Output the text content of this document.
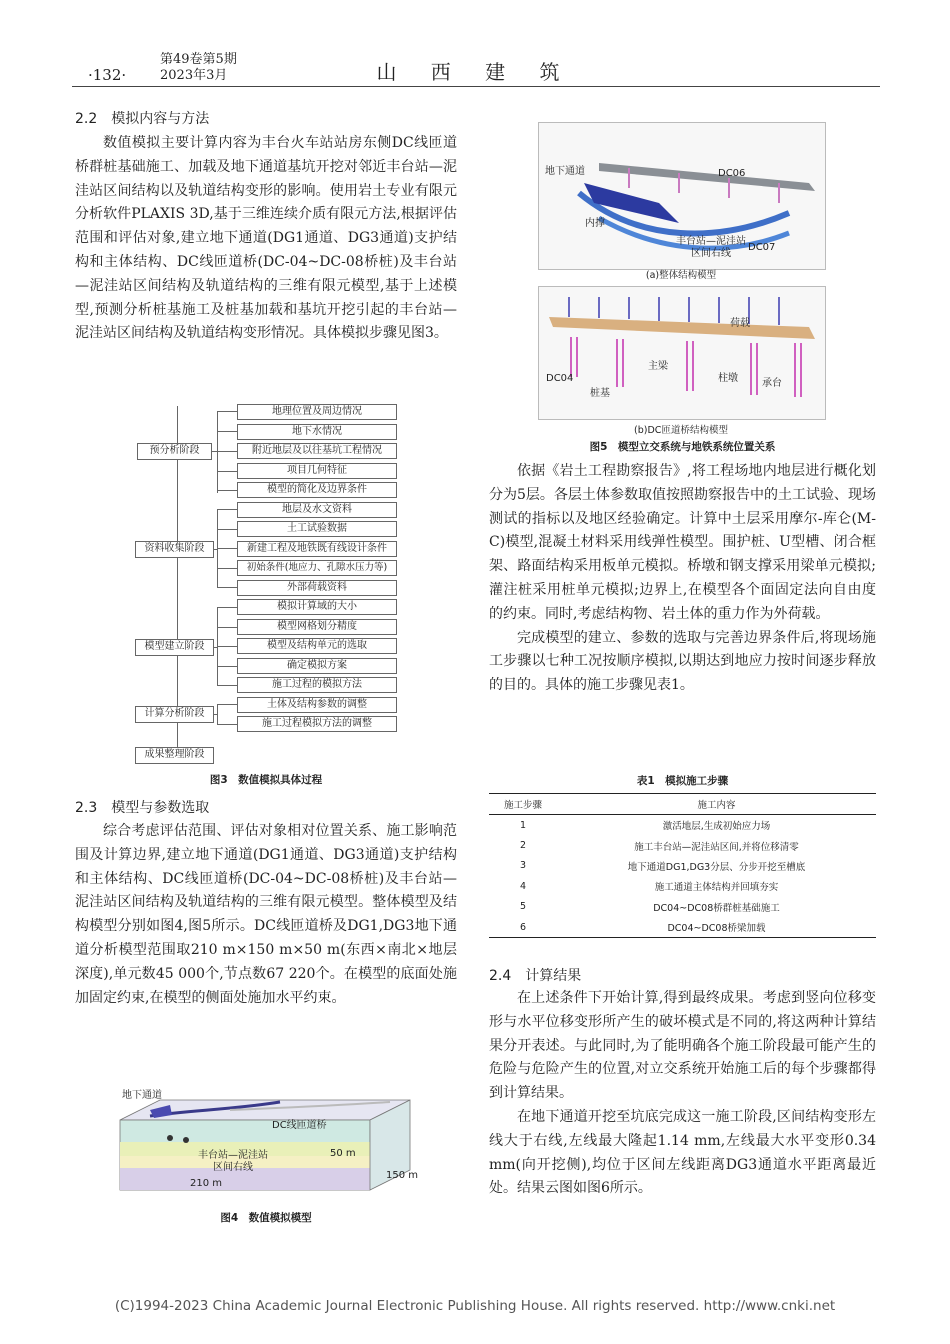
·132·
第49卷第5期
2023年3月	山 西 建 筑
2.2　模拟内容与方法

数值模拟主要计算内容为丰台火车站站房东侧DC线匝道桥群桩基础施工、加载及地下通道基坑开挖对邻近丰台站—泥洼站区间结构以及轨道结构变形的影响。使用岩土专业有限元分析软件PLAXIS 3D,基于三维连续介质有限元方法,根据评估范围和评估对象,建立地下通道(DG1通道、DG3通道)支护结构和主体结构、DC线匝道桥(DC-04~DC-08桥桩)及丰台站—泥洼站区间结构及轨道结构的三维有限元模型,基于上述模型,预测分析桩基施工及桩基加载和基坑开挖引起的丰台站—泥洼站区间结构及轨道结构变形情况。具体模拟步骤见图3。

预分析阶段
资料收集阶段
模型建立阶段
计算分析阶段
成果整理阶段
地理位置及周边情况
地下水情况
附近地层及以往基坑工程情况
项目几何特征
模型的简化及边界条件
地层及水文资料
土工试验数据
新建工程及地铁既有线设计条件
初始条件(地应力、孔隙水压力等)
外部荷载资料
模拟计算域的大小
模型网格划分精度
模型及结构单元的选取
确定模拟方案
施工过程的模拟方法
土体及结构参数的调整
施工过程模拟方法的调整
图3　数值模拟具体过程
2.3　模型与参数选取

综合考虑评估范围、评估对象相对位置关系、施工影响范围及计算边界,建立地下通道(DG1通道、DG3通道)支护结构和主体结构、DC线匝道桥(DC-04~DC-08桥桩)及丰台站—泥洼站区间结构及轨道结构的三维有限元模型。整体模型及结构模型分别如图4,图5所示。DC线匝道桥及DG1,DG3地下通道分析模型范围取210 m×150 m×50 m(东西×南北×地层深度),单元数45 000个,节点数67 220个。在模型的底面处施加固定约束,在模型的侧面处施加水平约束。

地下通道
DC线匝道桥
丰台站—泥洼站区间右线
50 m
150 m
210 m
图4　数值模拟模型
地下通道	DC06
内撑
丰台站—泥洼站区间右线
DC07
(a)整体结构模型
荷载
主梁
DC04
桩基
柱墩 承台
(b)DC匝道桥结构模型
图5　模型立交系统与地铁系统位置关系

依据《岩土工程勘察报告》,将工程场地内地层进行概化划分为5层。各层土体参数取值按照勘察报告中的土工试验、现场测试的指标以及地区经验确定。计算中土层采用摩尔-库仑(M-C)模型,混凝土材料采用线弹性模型。围护桩、U型槽、闭合框架、路面结构采用板单元模拟。桥墩和钢支撑采用梁单元模拟;灌注桩采用桩单元模拟;边界上,在模型各个面固定法向自由度的约束。同时,考虑结构物、岩土体的重力作为外荷载。

完成模型的建立、参数的选取与完善边界条件后,将现场施工步骤以七种工况按顺序模拟,以期达到地应力按时间逐步释放的目的。具体的施工步骤见表1。

表1　模拟施工步骤
施工步骤	施工内容
1	激活地层,生成初始应力场
2	施工丰台站—泥洼站区间,并将位移清零
3	地下通道DG1,DG3分层、分步开挖至槽底
4	施工通道主体结构并回填夯实
5	DC04~DC08桥群桩基础施工
6	DC04~DC08桥梁加载
2.4　计算结果

在上述条件下开始计算,得到最终成果。考虑到竖向位移变形与水平位移变形所产生的破坏模式是不同的,将这两种计算结果分开表述。与此同时,为了能明确各个施工阶段最可能产生的危险与危险产生的位置,对立交系统开始施工后的每个步骤都得到计算结果。

在地下通道开挖至坑底完成这一施工阶段,区间结构变形左线大于右线,左线最大隆起1.14 mm,左线最大水平变形0.34 mm(向开挖侧),均位于区间左线距离DG3通道水平距离最近处。结果云图如图6所示。

(C)1994-2023 China Academic Journal Electronic Publishing House. All rights reserved. http://www.cnki.net
